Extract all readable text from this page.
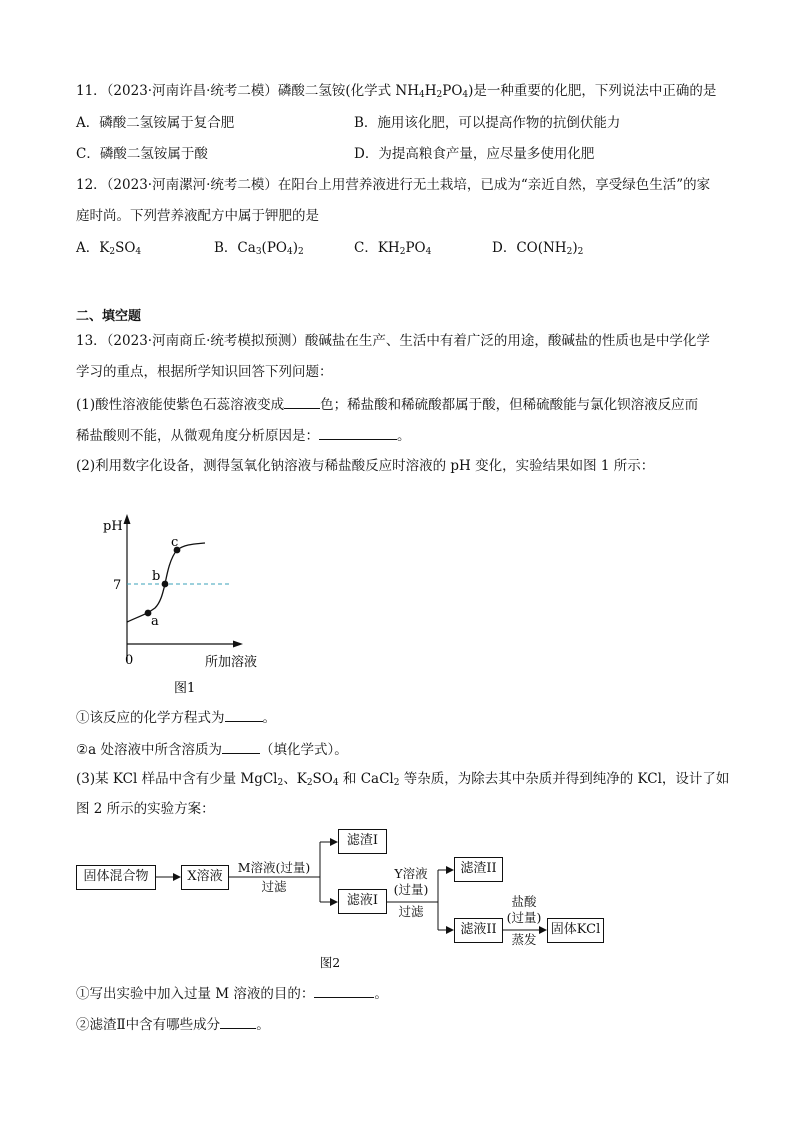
11．（2023·河南许昌·统考二模）磷酸二氢铵(化学式 $NH_4H_2PO_4$)是一种重要的化肥，下列说法中正确的是
A．磷酸二氢铵属于复合肥	B．施用该化肥，可以提高作物的抗倒伏能力
C．磷酸二氢铵属于酸	D．为提高粮食产量，应尽量多使用化肥
12．（2023·河南漯河·统考二模）在阳台上用营养液进行无土栽培，已成为“亲近自然，享受绿色生活”的家
庭时尚。下列营养液配方中属于钾肥的是
A．$K_2SO_4$	B．$Ca_3(PO_4)_2$	C．$KH_2PO_4$	D．$CO(NH_2)_2$
二、填空题
13．（2023·河南商丘·统考模拟预测）酸碱盐在生产、生活中有着广泛的用途，酸碱盐的性质也是中学化学
学习的重点，根据所学知识回答下列问题：
(1)酸性溶液能使紫色石蕊溶液变成	色；稀盐酸和稀硫酸都属于酸，但稀硫酸能与氯化钡溶液反应而
稀盐酸则不能，从微观角度分析原因是：	。
(2)利用数字化设备，测得氢氧化钠溶液与稀盐酸反应时溶液的 pH 变化，实验结果如图 1 所示：
pH
7
0	所加溶液
a
b
c
图1
①该反应的化学方程式为	。
②a 处溶液中所含溶质为	（填化学式）。
(3)某 KCl 样品中含有少量 MgCl$_2$、$K_2SO_4$ 和 CaCl$_2$ 等杂质，为除去其中杂质并得到纯净的 KCl，设计了如
图 2 所示的实验方案：
固体混合物	X溶液
M溶液(过量)
过滤
滤渣I
滤液I
Y溶液
(过量)
过滤
滤渣II
滤液II
盐酸
(过量)
蒸发
固体KCl
图2
①写出实验中加入过量 M 溶液的目的：	。
②滤渣Ⅱ中含有哪些成分	。
